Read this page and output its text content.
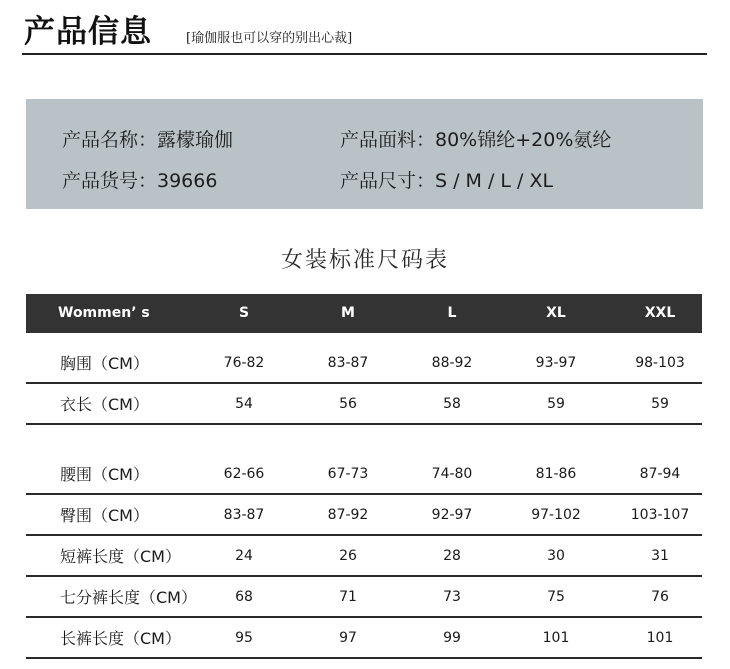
产品信息	[瑜伽服也可以穿的别出心裁]
产品名称：露檬瑜伽	产品面料：80%锦纶+20%氨纶
产品货号：39666	产品尺寸：S / M / L / XL
女装标准尺码表
Wommen’ s	S	M	L	XL	XXL
胸围（CM）	76-82	83-87	88-92	93-97	98-103
衣长（CM）	54	56	58	59	59
腰围（CM）	62-66	67-73	74-80	81-86	87-94
臀围（CM）	83-87	87-92	92-97	97-102	103-107
短裤长度（CM）	24	26	28	30	31
七分裤长度（CM）	68	71	73	75	76
长裤长度（CM）	95	97	99	101	101
